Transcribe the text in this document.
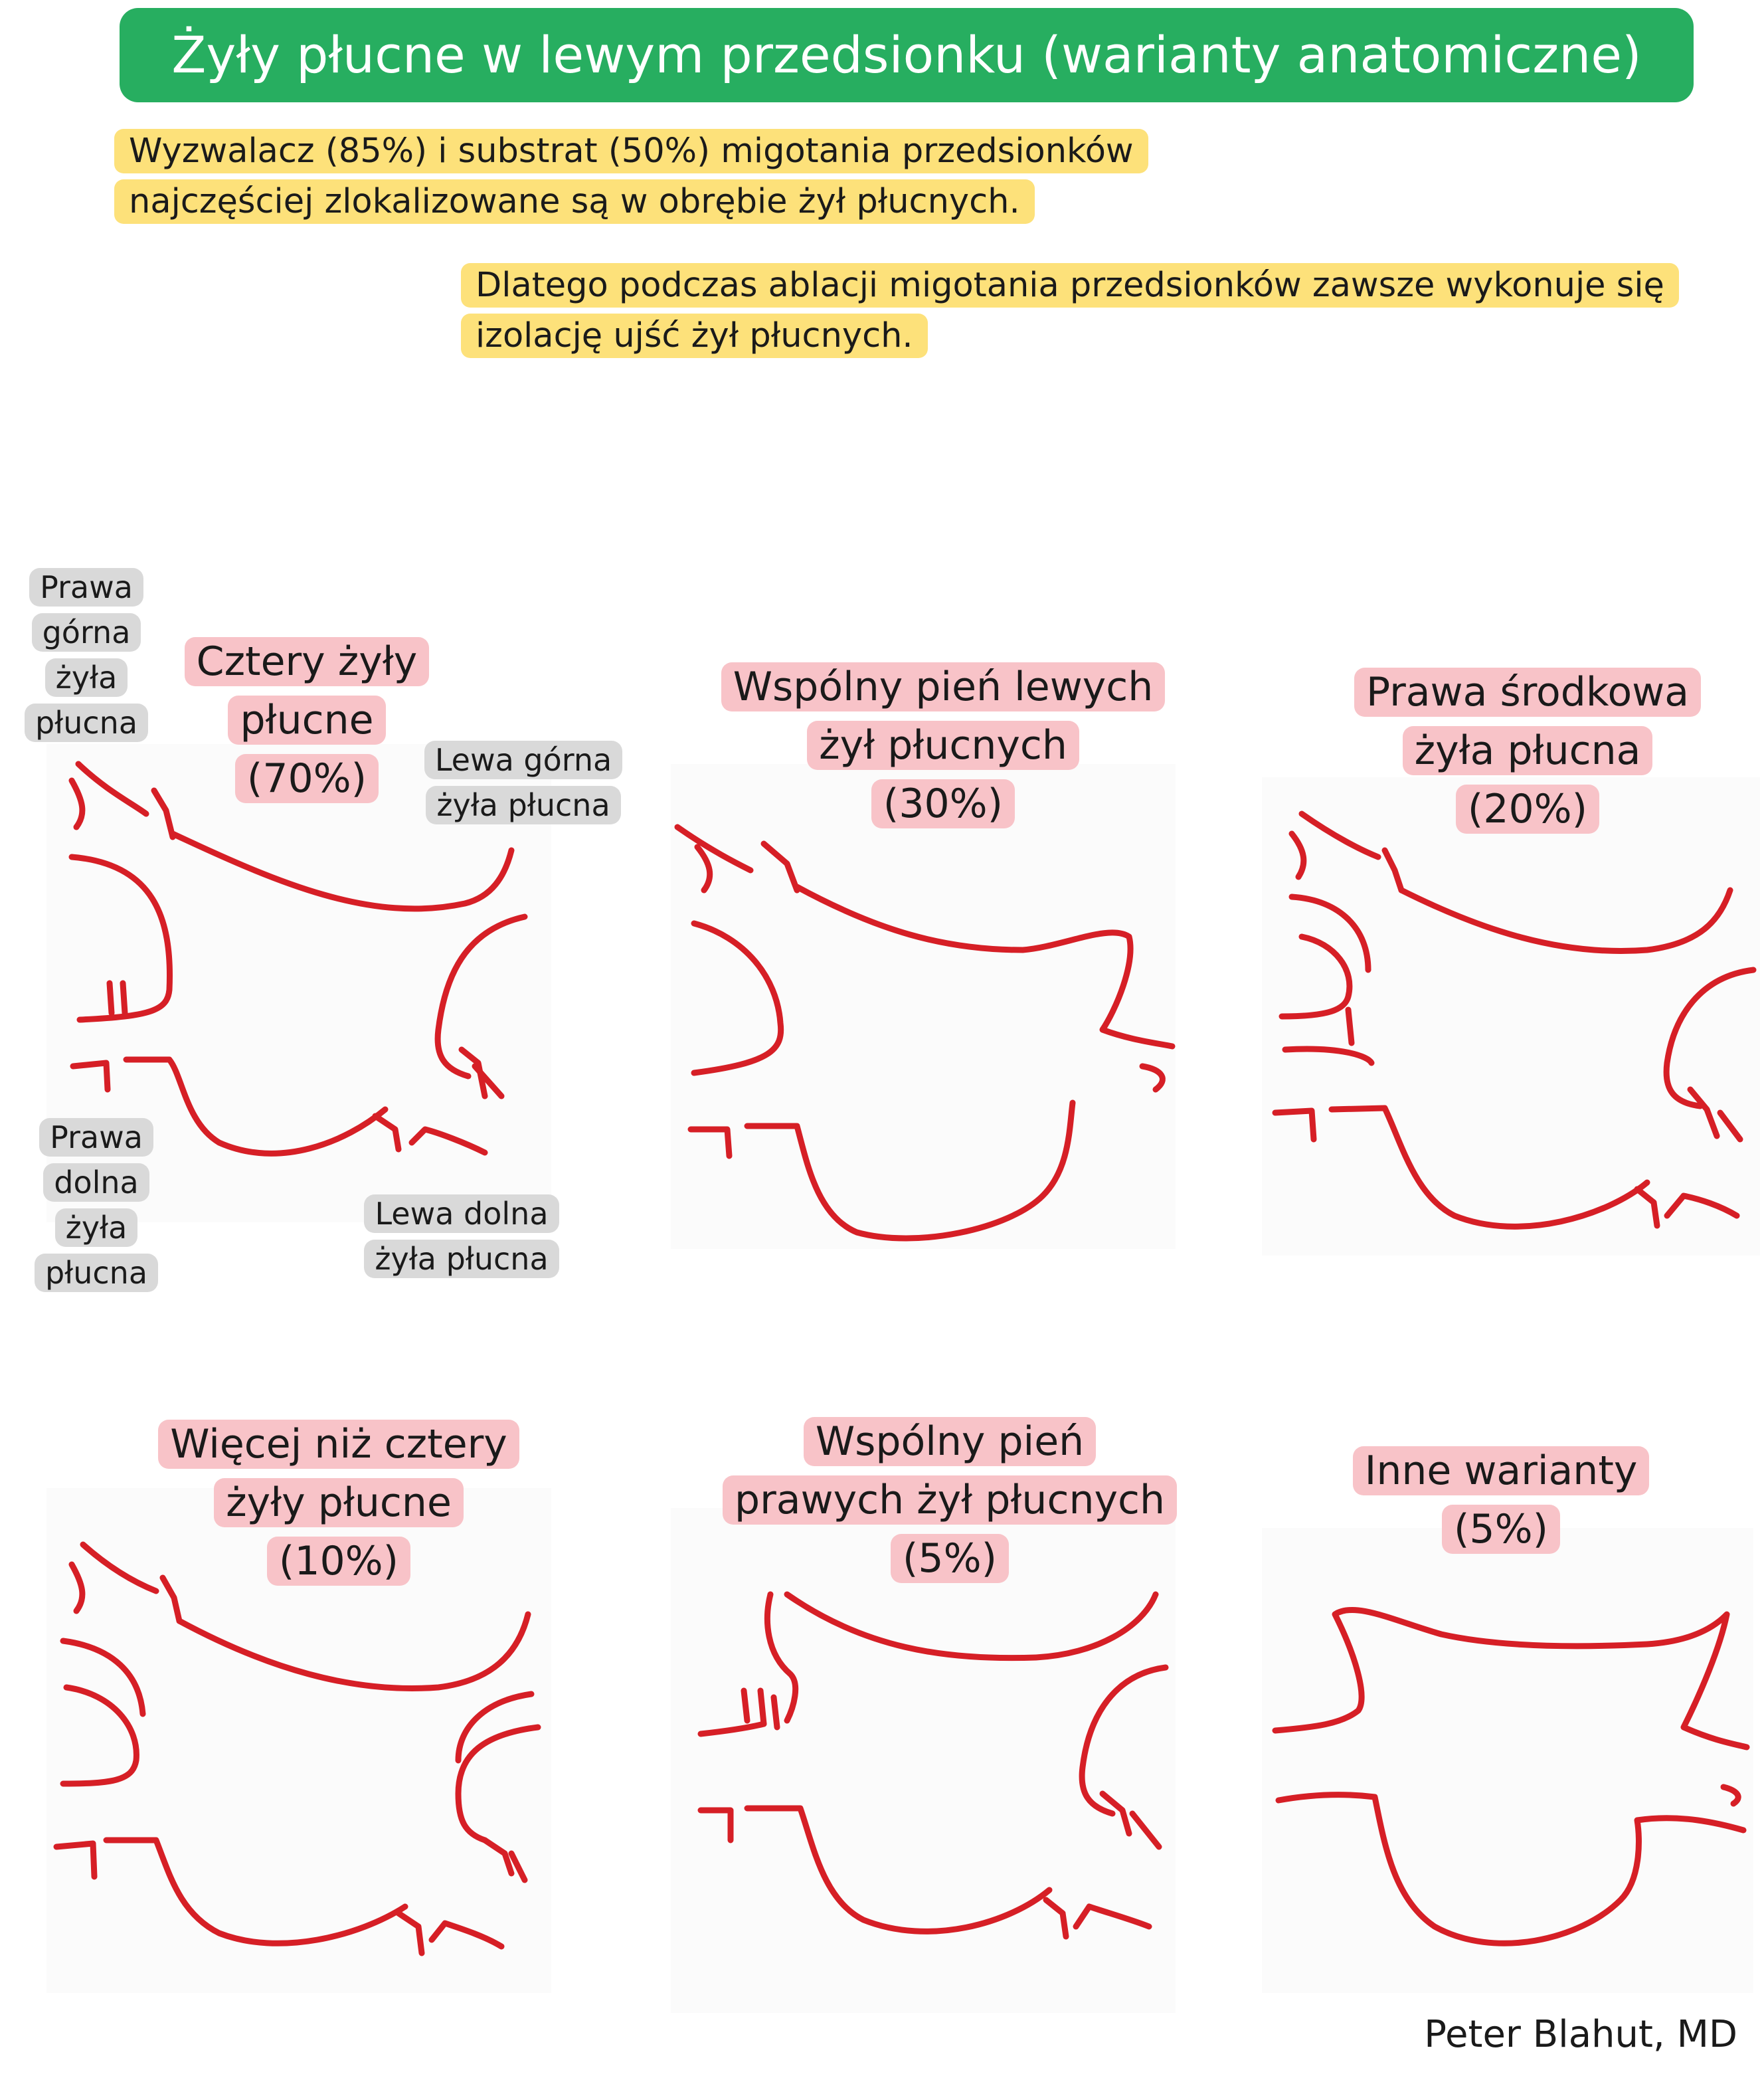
Żyły płucne w lewym przedsionku (warianty anatomiczne)
Wyzwalacz (85%) i substrat (50%) migotania przedsionków
najczęściej zlokalizowane są w obrębie żył płucnych.
Dlatego podczas ablacji migotania przedsionków zawsze wykonuje się
izolację ujść żył płucnych.
Cztery żyły
płucne
(70%)
Wspólny pień lewych
żył płucnych
(30%)
Prawa środkowa
żyła płucna
(20%)
Więcej niż cztery
żyły płucne
(10%)
Wspólny pień
prawych żył płucnych
(5%)
Inne warianty
(5%)
Prawa
górna
żyła
płucna
Lewa górna
żyła płucna
Prawa
dolna
żyła
płucna
Lewa dolna
żyła płucna
Peter Blahut, MD
